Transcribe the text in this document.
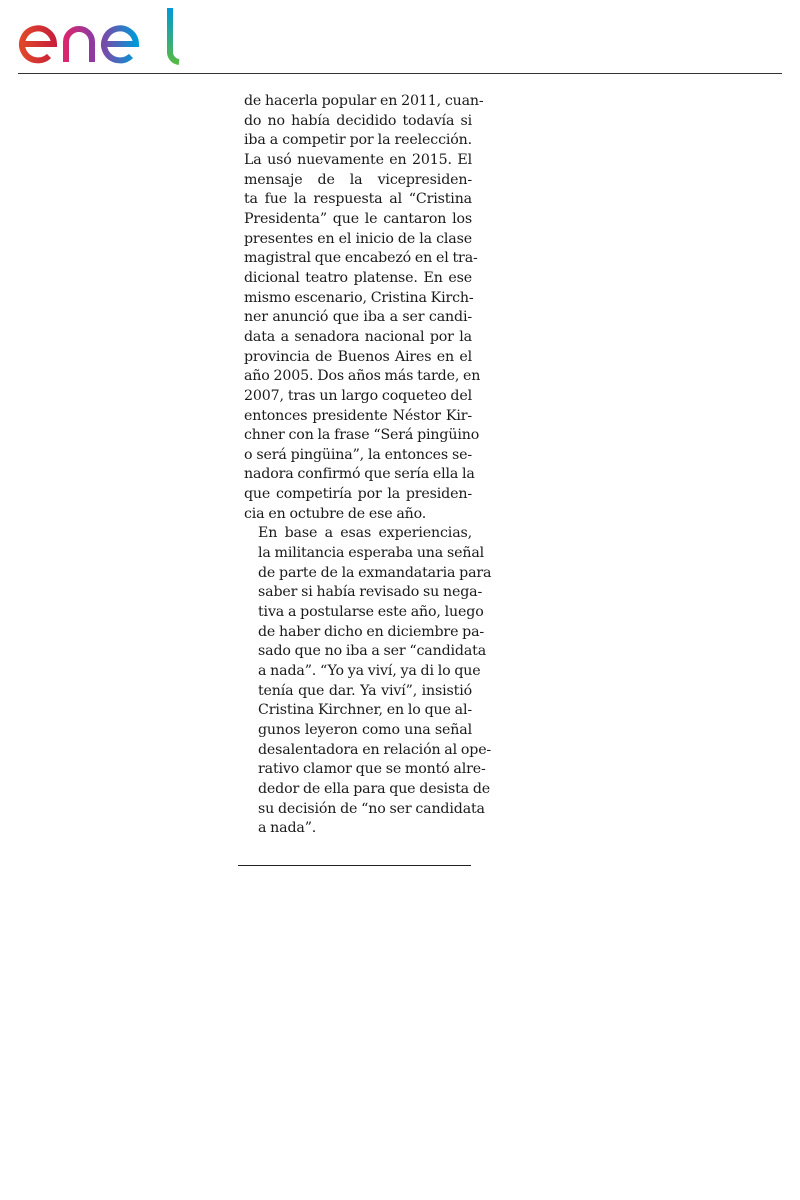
de hacerla popular en 2011, cuan-
do no había decidido todavía si
iba a competir por la reelección.
La usó nuevamente en 2015. El
mensaje de la vicepresiden-
ta fue la respuesta al “Cristina
Presidenta” que le cantaron los
presentes en el inicio de la clase
magistral que encabezó en el tra-
dicional teatro platense. En ese
mismo escenario, Cristina Kirch-
ner anunció que iba a ser candi-
data a senadora nacional por la
provincia de Buenos Aires en el
año 2005. Dos años más tarde, en
2007, tras un largo coqueteo del
entonces presidente Néstor Kir-
chner con la frase “Será pingüino
o será pingüina”, la entonces se-
nadora confirmó que sería ella la
que competiría por la presiden-
cia en octubre de ese año.

En base a esas experiencias,
la militancia esperaba una señal
de parte de la exmandataria para
saber si había revisado su nega-
tiva a postularse este año, luego
de haber dicho en diciembre pa-
sado que no iba a ser “candidata
a nada”. “Yo ya viví, ya di lo que
tenía que dar. Ya viví”, insistió
Cristina Kirchner, en lo que al-
gunos leyeron como una señal
desalentadora en relación al ope-
rativo clamor que se montó alre-
dedor de ella para que desista de
su decisión de “no ser candidata
a nada”.
